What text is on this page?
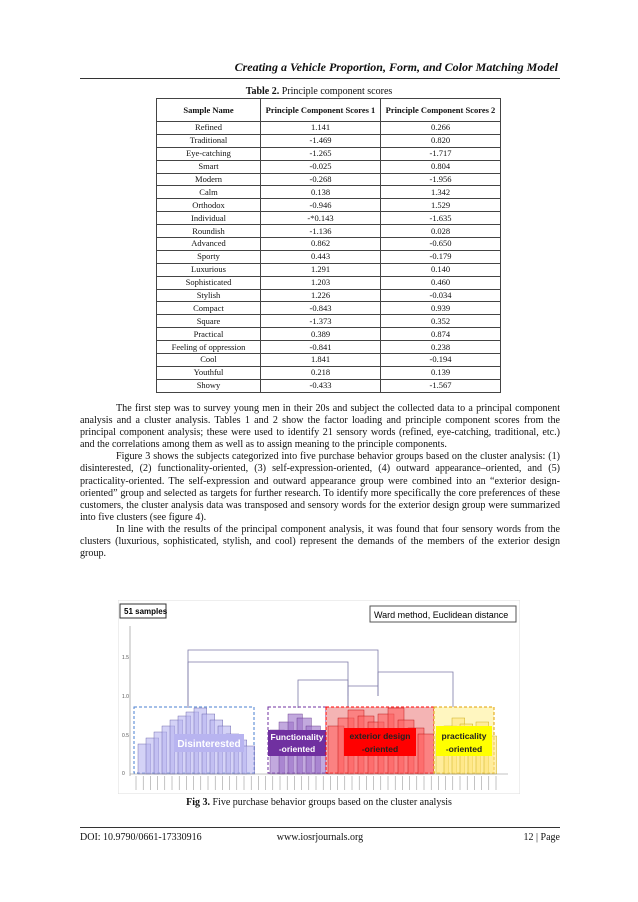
Creating a Vehicle Proportion, Form, and Color Matching Model
Table 2. Principle component scores
Sample Name	Principle Component Scores 1	Principle Component Scores 2
Refined	1.141	0.266
Traditional	-1.469	0.820
Eye-catching	-1.265	-1.717
Smart	-0.025	0.804
Modern	-0.268	-1.956
Calm	0.138	1.342
Orthodox	-0.946	1.529
Individual	-*0.143	-1.635
Roundish	-1.136	0.028
Advanced	0.862	-0.650
Sporty	0.443	-0.179
Luxurious	1.291	0.140
Sophisticated	1.203	0.460
Stylish	1.226	-0.034
Compact	-0.843	0.939
Square	-1.373	0.352
Practical	0.389	0.874
Feeling of oppression	-0.841	0.238
Cool	1.841	-0.194
Youthful	0.218	0.139
Showy	-0.433	-1.567

The first step was to survey young men in their 20s and subject the collected data to a principal component analysis and a cluster analysis. Tables 1 and 2 show the factor loading and principle component scores from the principal component analysis; these were used to identify 21 sensory words (refined, eye-catching, traditional, etc.) and the correlations among them as well as to assign meaning to the principle components.

Figure 3 shows the subjects categorized into five purchase behavior groups based on the cluster analysis: (1) disinterested, (2) functionality-oriented, (3) self-expression-oriented, (4) outward appearance–oriented, and (5) practicality-oriented. The self-expression and outward appearance group were combined into an “exterior design-oriented” group and selected as targets for further research. To identify more specifically the core preferences of these customers, the cluster analysis data was transposed and sensory words for the exterior design group were summarized into five clusters (see figure 4).

In line with the results of the principal component analysis, it was found that four sensory words from the clusters (luxurious, sophisticated, stylish, and cool) represent the demands of the members of the exterior design group.

51 samples	Ward method, Euclidean distance
1.5
1.0
0.5
0
Disinterested
Functionality
-oriented
exterior design
-oriented
practicality
-oriented
Fig 3. Five purchase behavior groups based on the cluster analysis
DOI: 10.9790/0661-17330916	www.iosrjournals.org	12 | Page
